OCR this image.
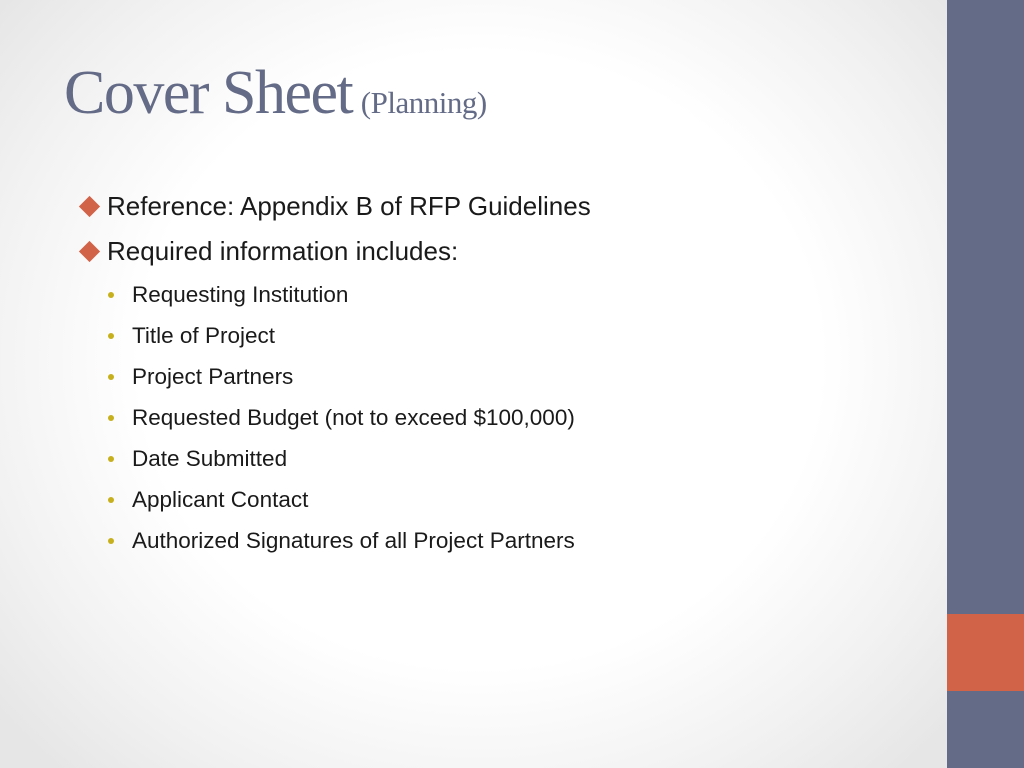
Cover Sheet (Planning)
Reference: Appendix B of RFP Guidelines
Required information includes:
Requesting Institution
Title of Project
Project Partners
Requested Budget (not to exceed $100,000)
Date Submitted
Applicant Contact
Authorized Signatures of all Project Partners
